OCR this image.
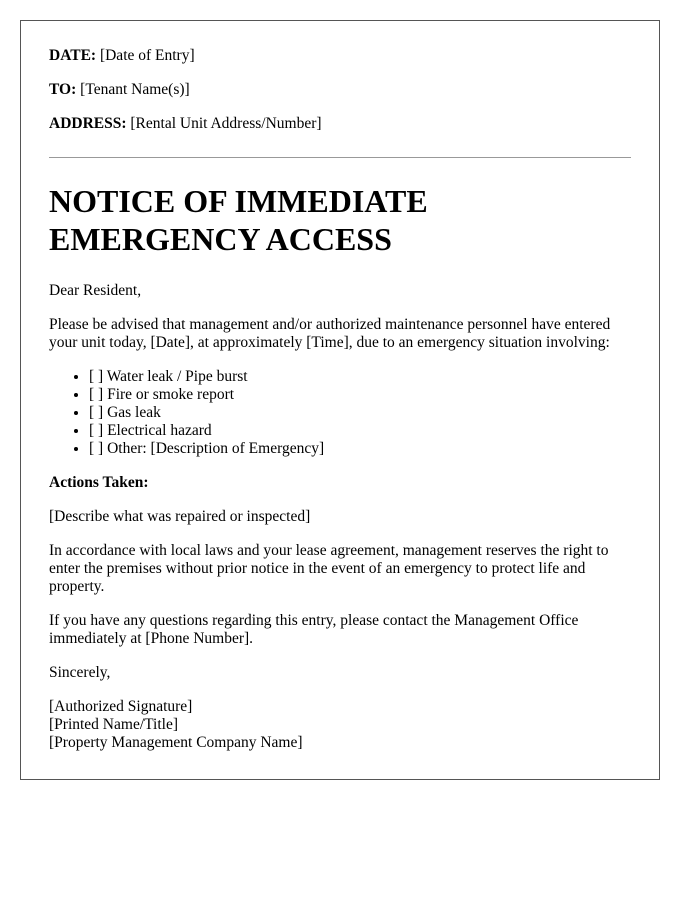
DATE: [Date of Entry]

TO: [Tenant Name(s)]

ADDRESS: [Rental Unit Address/Number]

NOTICE OF IMMEDIATE
EMERGENCY ACCESS

Dear Resident,

Please be advised that management and/or authorized maintenance personnel have entered your unit today, [Date], at approximately [Time], due to an emergency situation involving:

• [ ] Water leak / Pipe burst
• [ ] Fire or smoke report
• [ ] Gas leak
• [ ] Electrical hazard
• [ ] Other: [Description of Emergency]

Actions Taken:

[Describe what was repaired or inspected]

In accordance with local laws and your lease agreement, management reserves the right to enter the premises without prior notice in the event of an emergency to protect life and property.

If you have any questions regarding this entry, please contact the Management Office immediately at [Phone Number].

Sincerely,

[Authorized Signature]
[Printed Name/Title]
[Property Management Company Name]
